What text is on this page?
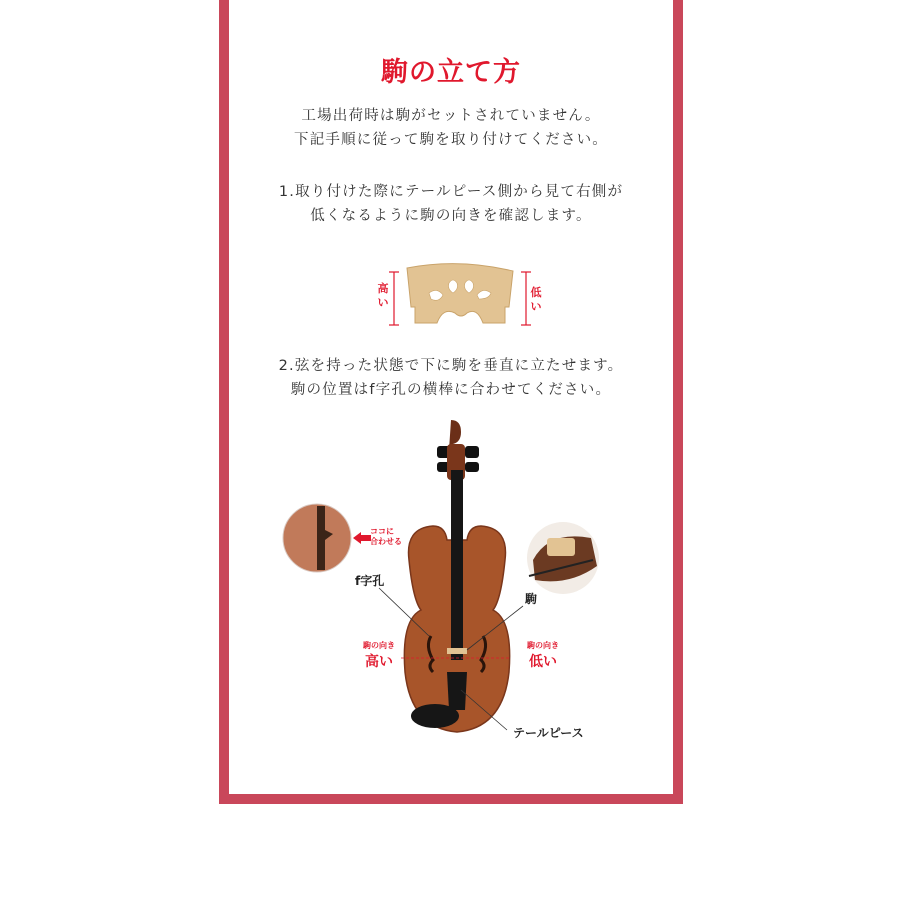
駒の立て方
工場出荷時は駒がセットされていません。
下記手順に従って駒を取り付けてください。
1.取り付けた際にテールピース側から見て右側が
低くなるように駒の向きを確認します。
高い
低い
2.弦を持った状態で下に駒を垂直に立たせます。
駒の位置はf字孔の横棒に合わせてください。
ココに
合わせる
f字孔
駒
駒の向き
高い
駒の向き
低い
テールピース
